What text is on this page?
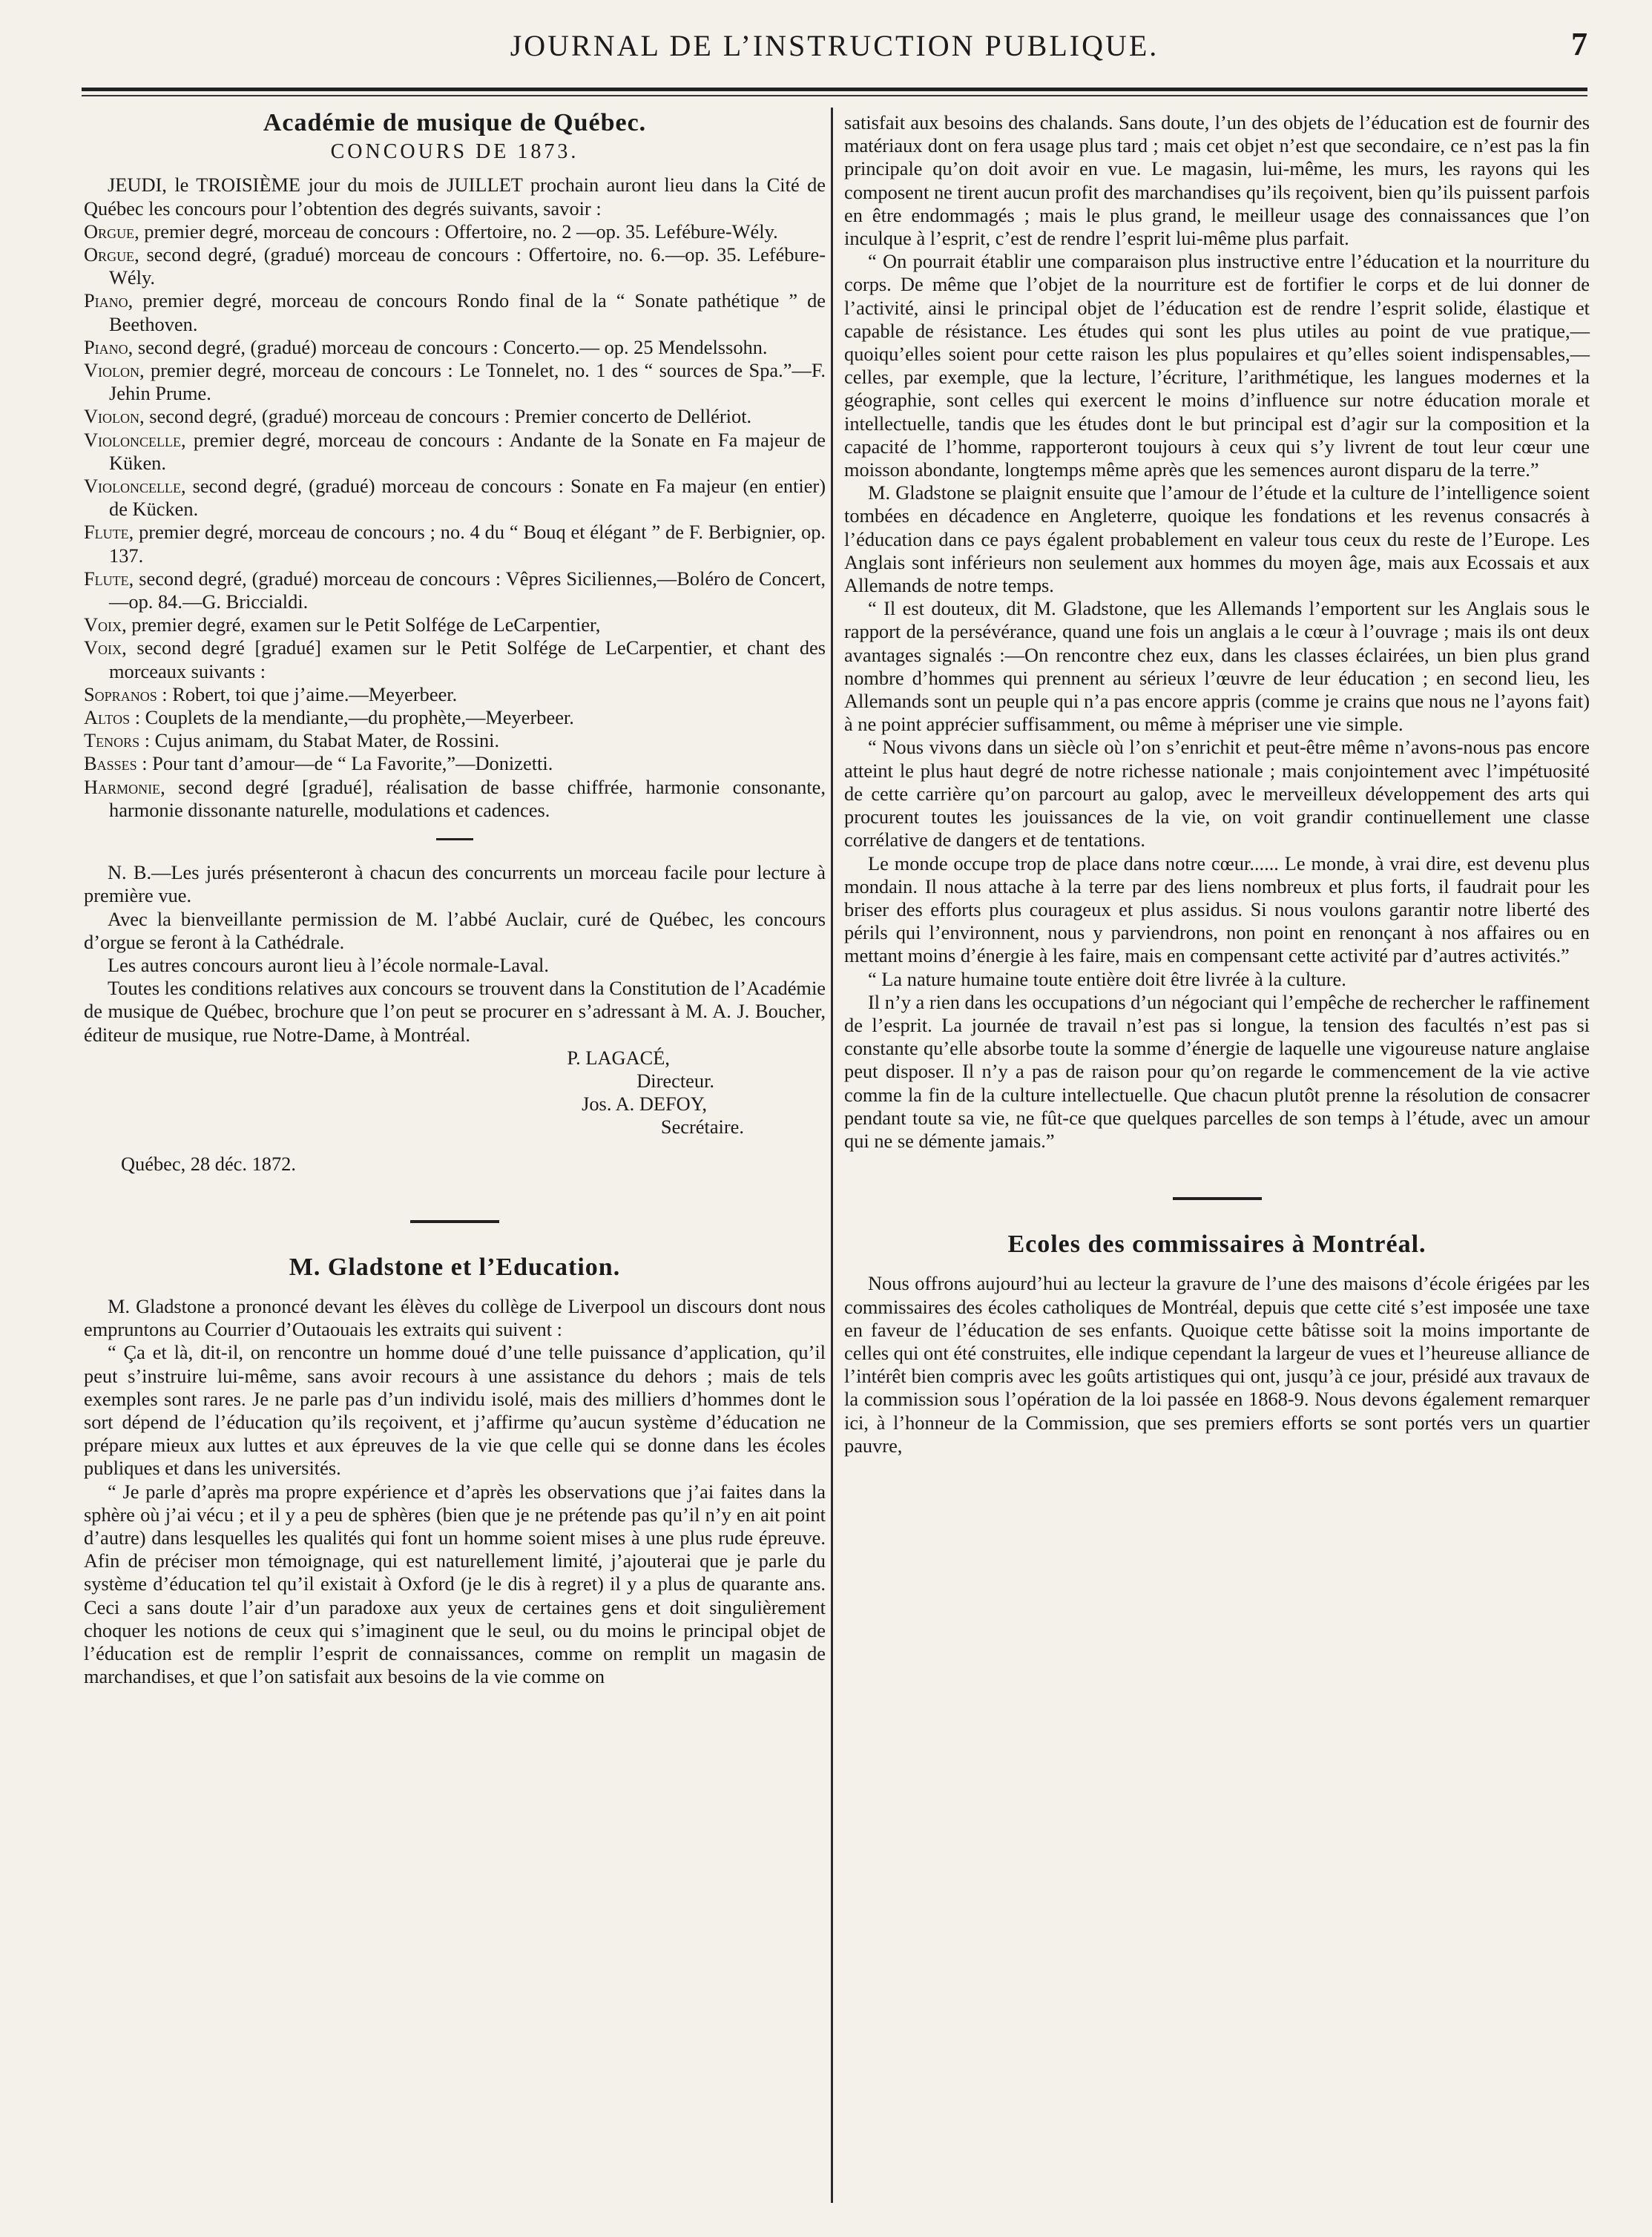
JOURNAL DE L’INSTRUCTION PUBLIQUE.	7
Académie de musique de Québec.
CONCOURS DE 1873.

JEUDI, le TROISIÈME jour du mois de JUILLET prochain auront lieu dans la Cité de Québec les concours pour l’obtention des degrés suivants, savoir :

Orgue, premier degré, morceau de concours : Offertoire, no. 2 —op. 35. Lefébure-Wély.

Orgue, second degré, (gradué) morceau de concours : Offertoire, no. 6.—op. 35. Lefébure-Wély.

Piano, premier degré, morceau de concours Rondo final de la “ Sonate pathétique ” de Beethoven.

Piano, second degré, (gradué) morceau de concours : Concerto.— op. 25 Mendelssohn.

Violon, premier degré, morceau de concours : Le Tonnelet, no. 1 des “ sources de Spa.”—F. Jehin Prume.

Violon, second degré, (gradué) morceau de concours : Premier concerto de Dellériot.

Violoncelle, premier degré, morceau de concours : Andante de la Sonate en Fa majeur de Küken.

Violoncelle, second degré, (gradué) morceau de concours : Sonate en Fa majeur (en entier) de Kücken.

Flute, premier degré, morceau de concours ; no. 4 du “ Bouq et élégant ” de F. Berbignier, op. 137.

Flute, second degré, (gradué) morceau de concours : Vêpres Siciliennes,—Boléro de Concert,—op. 84.—G. Briccialdi.

Voix, premier degré, examen sur le Petit Solfége de LeCarpentier,

Voix, second degré [gradué] examen sur le Petit Solfége de LeCarpentier, et chant des morceaux suivants :

Sopranos : Robert, toi que j’aime.—Meyerbeer.

Altos : Couplets de la mendiante,—du prophète,—Meyerbeer.

Tenors : Cujus animam, du Stabat Mater, de Rossini.

Basses : Pour tant d’amour—de “ La Favorite,”—Donizetti.

Harmonie, second degré [gradué], réalisation de basse chiffrée, harmonie consonante, harmonie dissonante naturelle, modulations et cadences.

N. B.—Les jurés présenteront à chacun des concurrents un morceau facile pour lecture à première vue.

Avec la bienveillante permission de M. l’abbé Auclair, curé de Québec, les concours d’orgue se feront à la Cathédrale.

Les autres concours auront lieu à l’école normale-Laval.

Toutes les conditions relatives aux concours se trouvent dans la Constitution de l’Académie de musique de Québec, brochure que l’on peut se procurer en s’adressant à M. A. J. Boucher, éditeur de musique, rue Notre-Dame, à Montréal.

P. LAGACÉ,

Directeur.

Jos. A. DEFOY,

Secrétaire.

Québec, 28 déc. 1872.

M. Gladstone et l’Education.

M. Gladstone a prononcé devant les élèves du collège de Liverpool un discours dont nous empruntons au Courrier d’Outaouais les extraits qui suivent :

“ Ça et là, dit-il, on rencontre un homme doué d’une telle puissance d’application, qu’il peut s’instruire lui-même, sans avoir recours à une assistance du dehors ; mais de tels exemples sont rares. Je ne parle pas d’un individu isolé, mais des milliers d’hommes dont le sort dépend de l’éducation qu’ils reçoivent, et j’affirme qu’aucun système d’éducation ne prépare mieux aux luttes et aux épreuves de la vie que celle qui se donne dans les écoles publiques et dans les universités.

“ Je parle d’après ma propre expérience et d’après les observations que j’ai faites dans la sphère où j’ai vécu ; et il y a peu de sphères (bien que je ne prétende pas qu’il n’y en ait point d’autre) dans lesquelles les qualités qui font un homme soient mises à une plus rude épreuve. Afin de préciser mon témoignage, qui est naturellement limité, j’ajouterai que je parle du système d’éducation tel qu’il existait à Oxford (je le dis à regret) il y a plus de quarante ans. Ceci a sans doute l’air d’un paradoxe aux yeux de certaines gens et doit singulièrement choquer les notions de ceux qui s’imaginent que le seul, ou du moins le principal objet de l’éducation est de remplir l’esprit de connaissances, comme on remplit un magasin de marchandises, et que l’on satisfait aux besoins de la vie comme on

satisfait aux besoins des chalands. Sans doute, l’un des objets de l’éducation est de fournir des matériaux dont on fera usage plus tard ; mais cet objet n’est que secondaire, ce n’est pas la fin principale qu’on doit avoir en vue. Le magasin, lui-même, les murs, les rayons qui les composent ne tirent aucun profit des marchandises qu’ils reçoivent, bien qu’ils puissent parfois en être endommagés ; mais le plus grand, le meilleur usage des connaissances que l’on inculque à l’esprit, c’est de rendre l’esprit lui-même plus parfait.

“ On pourrait établir une comparaison plus instructive entre l’éducation et la nourriture du corps. De même que l’objet de la nourriture est de fortifier le corps et de lui donner de l’activité, ainsi le principal objet de l’éducation est de rendre l’esprit solide, élastique et capable de résistance. Les études qui sont les plus utiles au point de vue pratique,—quoiqu’elles soient pour cette raison les plus populaires et qu’elles soient indispensables,—celles, par exemple, que la lecture, l’écriture, l’arithmétique, les langues modernes et la géographie, sont celles qui exercent le moins d’influence sur notre éducation morale et intellectuelle, tandis que les études dont le but principal est d’agir sur la composition et la capacité de l’homme, rapporteront toujours à ceux qui s’y livrent de tout leur cœur une moisson abondante, longtemps même après que les semences auront disparu de la terre.”

M. Gladstone se plaignit ensuite que l’amour de l’étude et la culture de l’intelligence soient tombées en décadence en Angleterre, quoique les fondations et les revenus consacrés à l’éducation dans ce pays égalent probablement en valeur tous ceux du reste de l’Europe. Les Anglais sont inférieurs non seulement aux hommes du moyen âge, mais aux Ecossais et aux Allemands de notre temps.

“ Il est douteux, dit M. Gladstone, que les Allemands l’emportent sur les Anglais sous le rapport de la persévérance, quand une fois un anglais a le cœur à l’ouvrage ; mais ils ont deux avantages signalés :—On rencontre chez eux, dans les classes éclairées, un bien plus grand nombre d’hommes qui prennent au sérieux l’œuvre de leur éducation ; en second lieu, les Allemands sont un peuple qui n’a pas encore appris (comme je crains que nous ne l’ayons fait) à ne point apprécier suffisamment, ou même à mépriser une vie simple.

“ Nous vivons dans un siècle où l’on s’enrichit et peut-être même n’avons-nous pas encore atteint le plus haut degré de notre richesse nationale ; mais conjointement avec l’impétuosité de cette carrière qu’on parcourt au galop, avec le merveilleux développement des arts qui procurent toutes les jouissances de la vie, on voit grandir continuellement une classe corrélative de dangers et de tentations.

Le monde occupe trop de place dans notre cœur...... Le monde, à vrai dire, est devenu plus mondain. Il nous attache à la terre par des liens nombreux et plus forts, il faudrait pour les briser des efforts plus courageux et plus assidus. Si nous voulons garantir notre liberté des périls qui l’environnent, nous y parviendrons, non point en renonçant à nos affaires ou en mettant moins d’énergie à les faire, mais en compensant cette activité par d’autres activités.”

“ La nature humaine toute entière doit être livrée à la culture.

Il n’y a rien dans les occupations d’un négociant qui l’empêche de rechercher le raffinement de l’esprit. La journée de travail n’est pas si longue, la tension des facultés n’est pas si constante qu’elle absorbe toute la somme d’énergie de laquelle une vigoureuse nature anglaise peut disposer. Il n’y a pas de raison pour qu’on regarde le commencement de la vie active comme la fin de la culture intellectuelle. Que chacun plutôt prenne la résolution de consacrer pendant toute sa vie, ne fût-ce que quelques parcelles de son temps à l’étude, avec un amour qui ne se démente jamais.”

Ecoles des commissaires à Montréal.

Nous offrons aujourd’hui au lecteur la gravure de l’une des maisons d’école érigées par les commissaires des écoles catholiques de Montréal, depuis que cette cité s’est imposée une taxe en faveur de l’éducation de ses enfants. Quoique cette bâtisse soit la moins importante de celles qui ont été construites, elle indique cependant la largeur de vues et l’heureuse alliance de l’intérêt bien compris avec les goûts artistiques qui ont, jusqu’à ce jour, présidé aux travaux de la commission sous l’opération de la loi passée en 1868-9. Nous devons également remarquer ici, à l’honneur de la Commission, que ses premiers efforts se sont portés vers un quartier pauvre,
